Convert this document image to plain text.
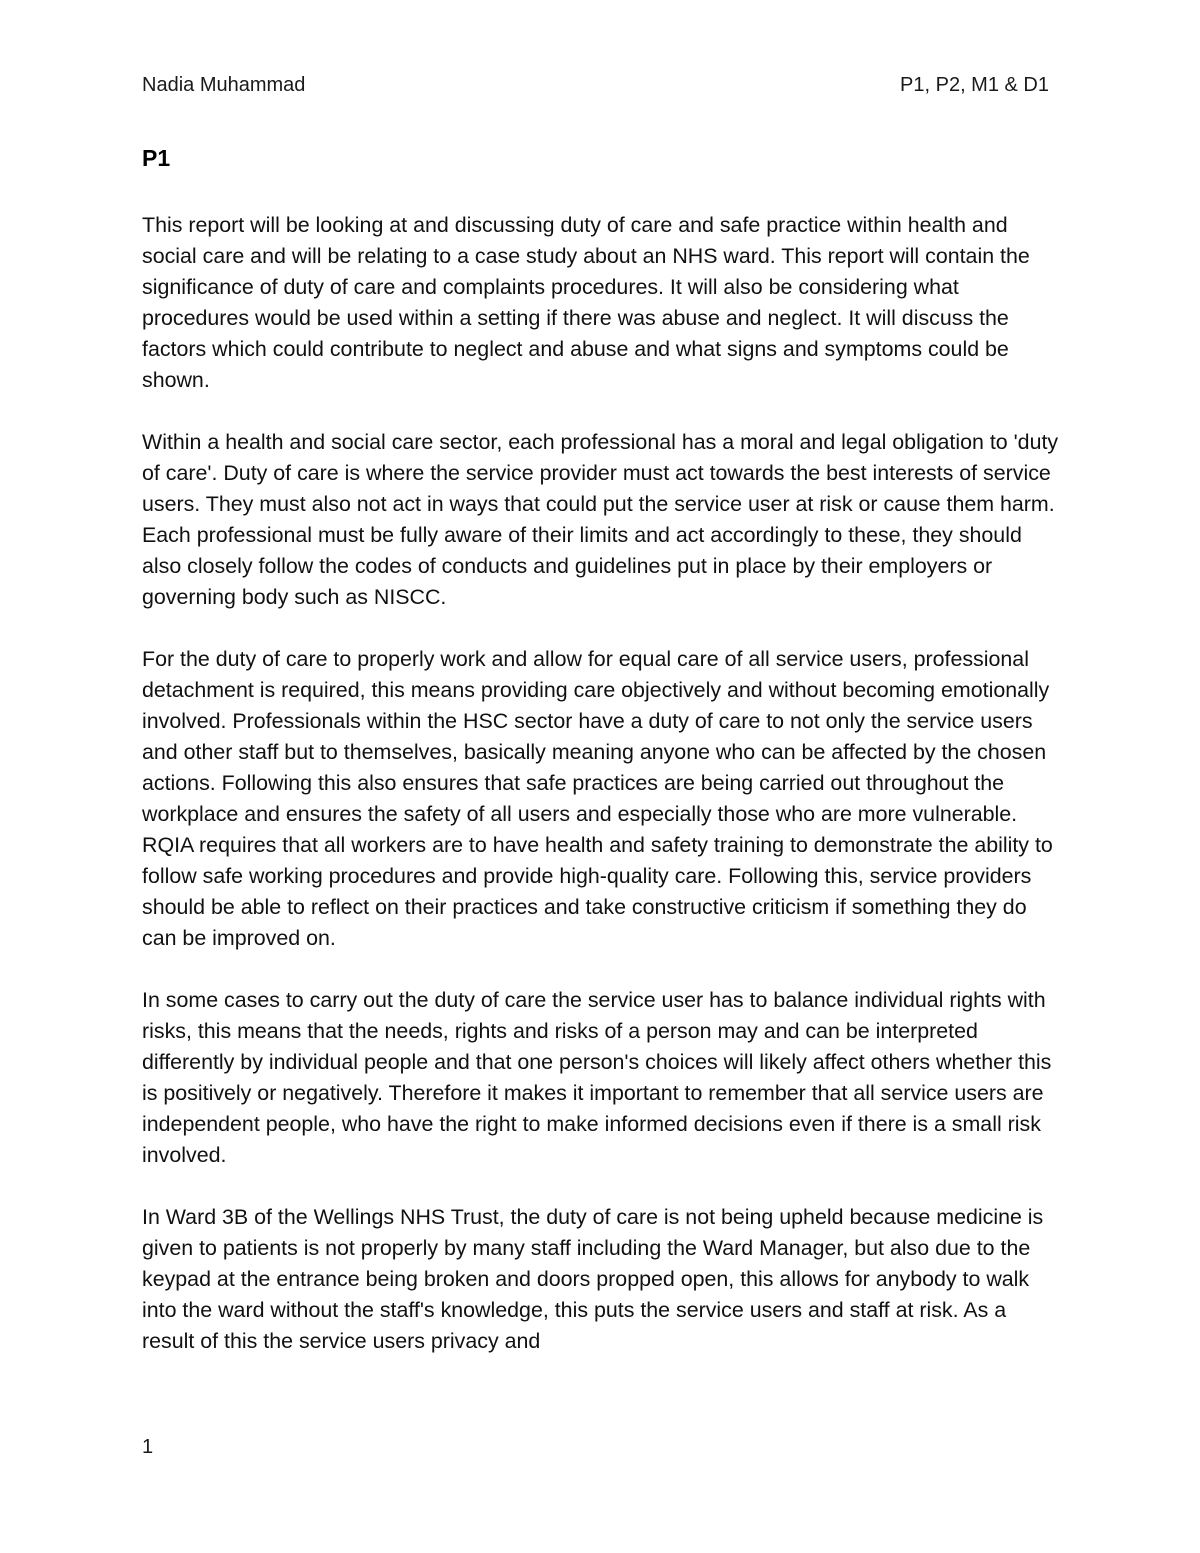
Nadia Muhammad	P1, P2, M1 & D1
P1

This report will be looking at and discussing duty of care and safe practice within health and social care and will be relating to a case study about an NHS ward. This report will contain the significance of duty of care and complaints procedures. It will also be considering what procedures would be used within a setting if there was abuse and neglect. It will discuss the factors which could contribute to neglect and abuse and what signs and symptoms could be shown.

Within a health and social care sector, each professional has a moral and legal obligation to 'duty of care'. Duty of care is where the service provider must act towards the best interests of service users. They must also not act in ways that could put the service user at risk or cause them harm. Each professional must be fully aware of their limits and act accordingly to these, they should also closely follow the codes of conducts and guidelines put in place by their employers or governing body such as NISCC.

For the duty of care to properly work and allow for equal care of all service users, professional detachment is required, this means providing care objectively and without becoming emotionally involved. Professionals within the HSC sector have a duty of care to not only the service users and other staff but to themselves, basically meaning anyone who can be affected by the chosen actions. Following this also ensures that safe practices are being carried out throughout the workplace and ensures the safety of all users and especially those who are more vulnerable. RQIA requires that all workers are to have health and safety training to demonstrate the ability to follow safe working procedures and provide high-quality care. Following this, service providers should be able to reflect on their practices and take constructive criticism if something they do can be improved on.

In some cases to carry out the duty of care the service user has to balance individual rights with risks, this means that the needs, rights and risks of a person may and can be interpreted differently by individual people and that one person's choices will likely affect others whether this is positively or negatively. Therefore it makes it important to remember that all service users are independent people, who have the right to make informed decisions even if there is a small risk involved.

In Ward 3B of the Wellings NHS Trust, the duty of care is not being upheld because medicine is given to patients is not properly by many staff including the Ward Manager, but also due to the keypad at the entrance being broken and doors propped open, this allows for anybody to walk into the ward without the staff's knowledge, this puts the service users and staff at risk. As a result of this the service users privacy and

1
